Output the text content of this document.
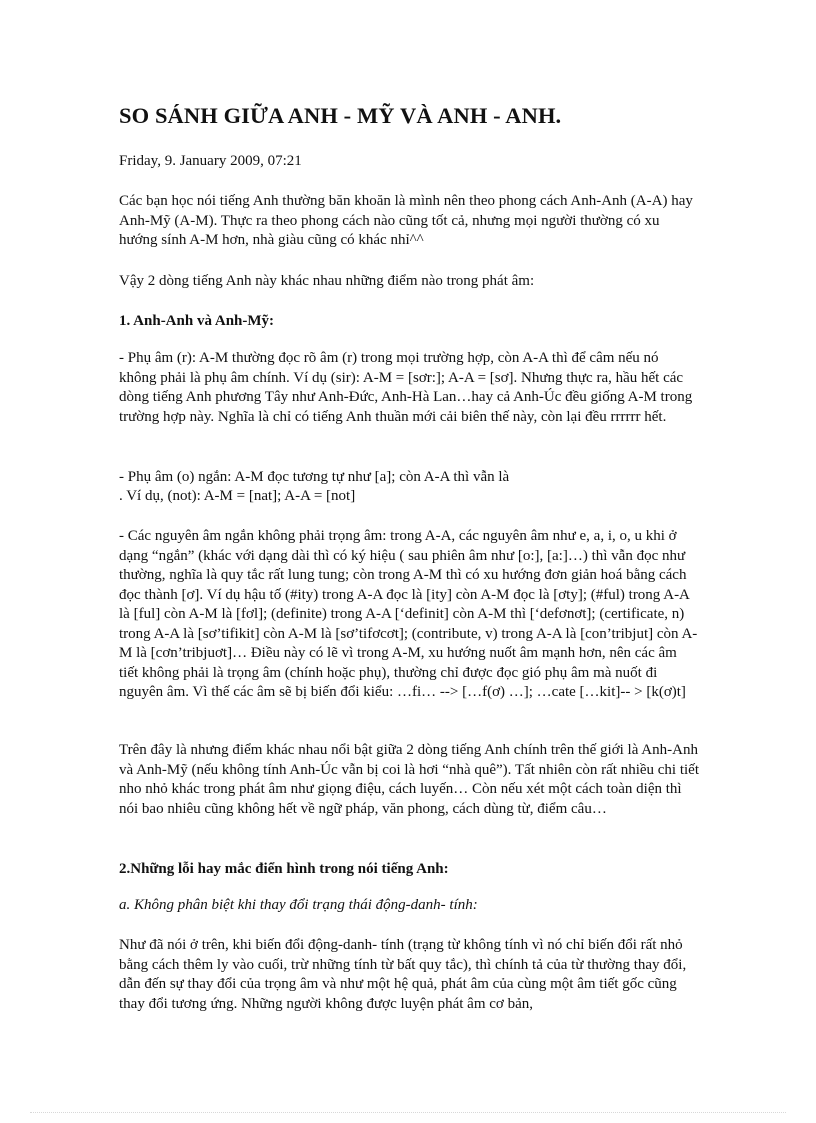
SO SÁNH GIỮA ANH - MỸ VÀ ANH - ANH.

Friday, 9. January 2009, 07:21

Các bạn học nói tiếng Anh thường băn khoăn là mình nên theo phong cách Anh-Anh (A-A) hay Anh-Mỹ (A-M). Thực ra theo phong cách nào cũng tốt cả, nhưng mọi người thường có xu hướng sính A-M hơn, nhà giàu cũng có khác nhỉ^^

Vậy 2 dòng tiếng Anh này khác nhau những điểm nào trong phát âm:

1. Anh-Anh và Anh-Mỹ:

- Phụ âm (r): A-M thường đọc rõ âm (r) trong mọi trường hợp, còn A-A thì để câm nếu nó không phải là phụ âm chính. Ví dụ (sir): A-M = [sơr:]; A-A = [sơ]. Nhưng thực ra, hầu hết các dòng tiếng Anh phương Tây như Anh-Đức, Anh-Hà Lan…hay cả Anh-Úc đều giống A-M trong trường hợp này. Nghĩa là chỉ có tiếng Anh thuần mới cải biên thế này, còn lại đều rrrrrr hết.

- Phụ âm (o) ngắn: A-M đọc tương tự như [a]; còn A-A thì vẫn là

. Ví dụ, (not): A-M = [nat]; A-A = [not]

- Các nguyên âm ngắn không phải trọng âm: trong A-A, các nguyên âm như e, a, i, o, u khi ở dạng “ngắn” (khác với dạng dài thì có ký hiệu ( sau phiên âm như [o:], [a:]…) thì vẫn đọc như thường, nghĩa là quy tắc rất lung tung; còn trong A-M thì có xu hướng đơn giản hoá bằng cách đọc thành [ơ]. Ví dụ hậu tố (#ity) trong A-A đọc là [ity] còn A-M đọc là [ơty]; (#ful) trong A-A là [ful] còn A-M là [fơl]; (definite) trong A-A [‘definit] còn A-M thì [‘defơnơt]; (certificate, n) trong A-A là [sơ’tifikit] còn A-M là [sơ’tifơcơt]; (contribute, v) trong A-A là [con’tribjut] còn A-M là [cơn’tribjuơt]… Điều này có lẽ vì trong A-M, xu hướng nuốt âm mạnh hơn, nên các âm tiết không phải là trọng âm (chính hoặc phụ), thường chỉ được đọc gió phụ âm mà nuốt đi nguyên âm. Vì thế các âm sẽ bị biến đổi kiểu: …fi… --> […f(ơ) …]; …cate […kit]-- > [k(ơ)t]

Trên đây là nhưng điểm khác nhau nổi bật giữa 2 dòng tiếng Anh chính trên thế giới là Anh-Anh và Anh-Mỹ (nếu không tính Anh-Úc vẫn bị coi là hơi “nhà quê”). Tất nhiên còn rất nhiều chi tiết nho nhỏ khác trong phát âm như giọng điệu, cách luyến… Còn nếu xét một cách toàn diện thì nói bao nhiêu cũng không hết về ngữ pháp, văn phong, cách dùng từ, điểm câu…

2.Những lỗi hay mắc điển hình trong nói tiếng Anh:

a. Không phân biệt khi thay đổi trạng thái động-danh- tính:

Như đã nói ở trên, khi biến đổi động-danh- tính (trạng từ không tính vì nó chỉ biến đổi rất nhỏ bằng cách thêm ly vào cuối, trừ những tính từ bất quy tắc), thì chính tả của từ thường thay đổi, dẫn đến sự thay đổi của trọng âm và như một hệ quả, phát âm của cùng một âm tiết gốc cũng thay đổi tương ứng. Những người không được luyện phát âm cơ bản,
